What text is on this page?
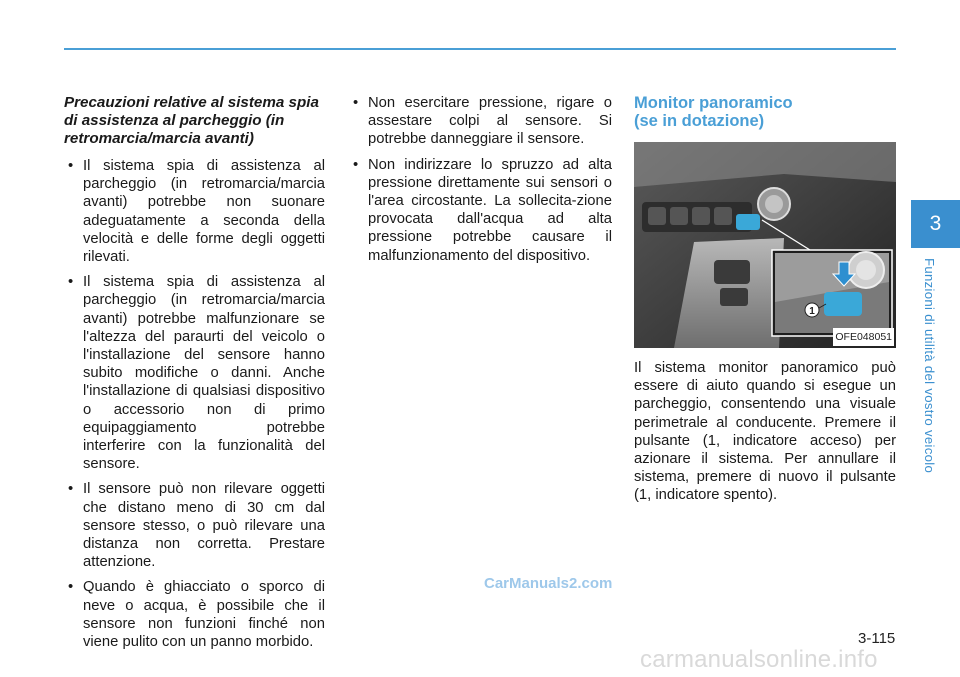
Precauzioni relative al sistema spia di assistenza al parcheggio (in retromarcia/marcia avanti)
• Il sistema spia di assistenza al parcheggio (in retromarcia/marcia avanti) potrebbe non suonare adeguatamente a seconda della velocità e delle forme degli oggetti rilevati.
• Il sistema spia di assistenza al parcheggio (in retromarcia/marcia avanti) potrebbe malfunzionare se l'altezza del paraurti del veicolo o l'installazione del sensore hanno subito modifiche o danni. Anche l'installazione di qualsiasi dispositivo o accessorio non di primo equipaggiamento potrebbe interferire con la funzionalità del sensore.
• Il sensore può non rilevare oggetti che distano meno di 30 cm dal sensore stesso, o può rilevare una distanza non corretta. Prestare attenzione.
• Quando è ghiacciato o sporco di neve o acqua, è possibile che il sensore non funzioni finché non viene pulito con un panno morbido.
• Non esercitare pressione, rigare o assestare colpi al sensore. Si potrebbe danneggiare il sensore.
• Non indirizzare lo spruzzo ad alta pressione direttamente sui sensori o l'area circostante. La sollecita-zione provocata dall'acqua ad alta pressione potrebbe causare il malfunzionamento del dispositivo.
Monitor panoramico
(se in dotazione)
1
OFE048051

Il sistema monitor panoramico può essere di aiuto quando si esegue un parcheggio, consentendo una visuale perimetrale al conducente. Premere il pulsante (1, indicatore acceso) per azionare il sistema. Per annullare il sistema, premere di nuovo il pulsante (1, indicatore spento).

3
Funzioni di utilità del vostro veicolo
CarManuals2.com
3-115
carmanualsonline.info
